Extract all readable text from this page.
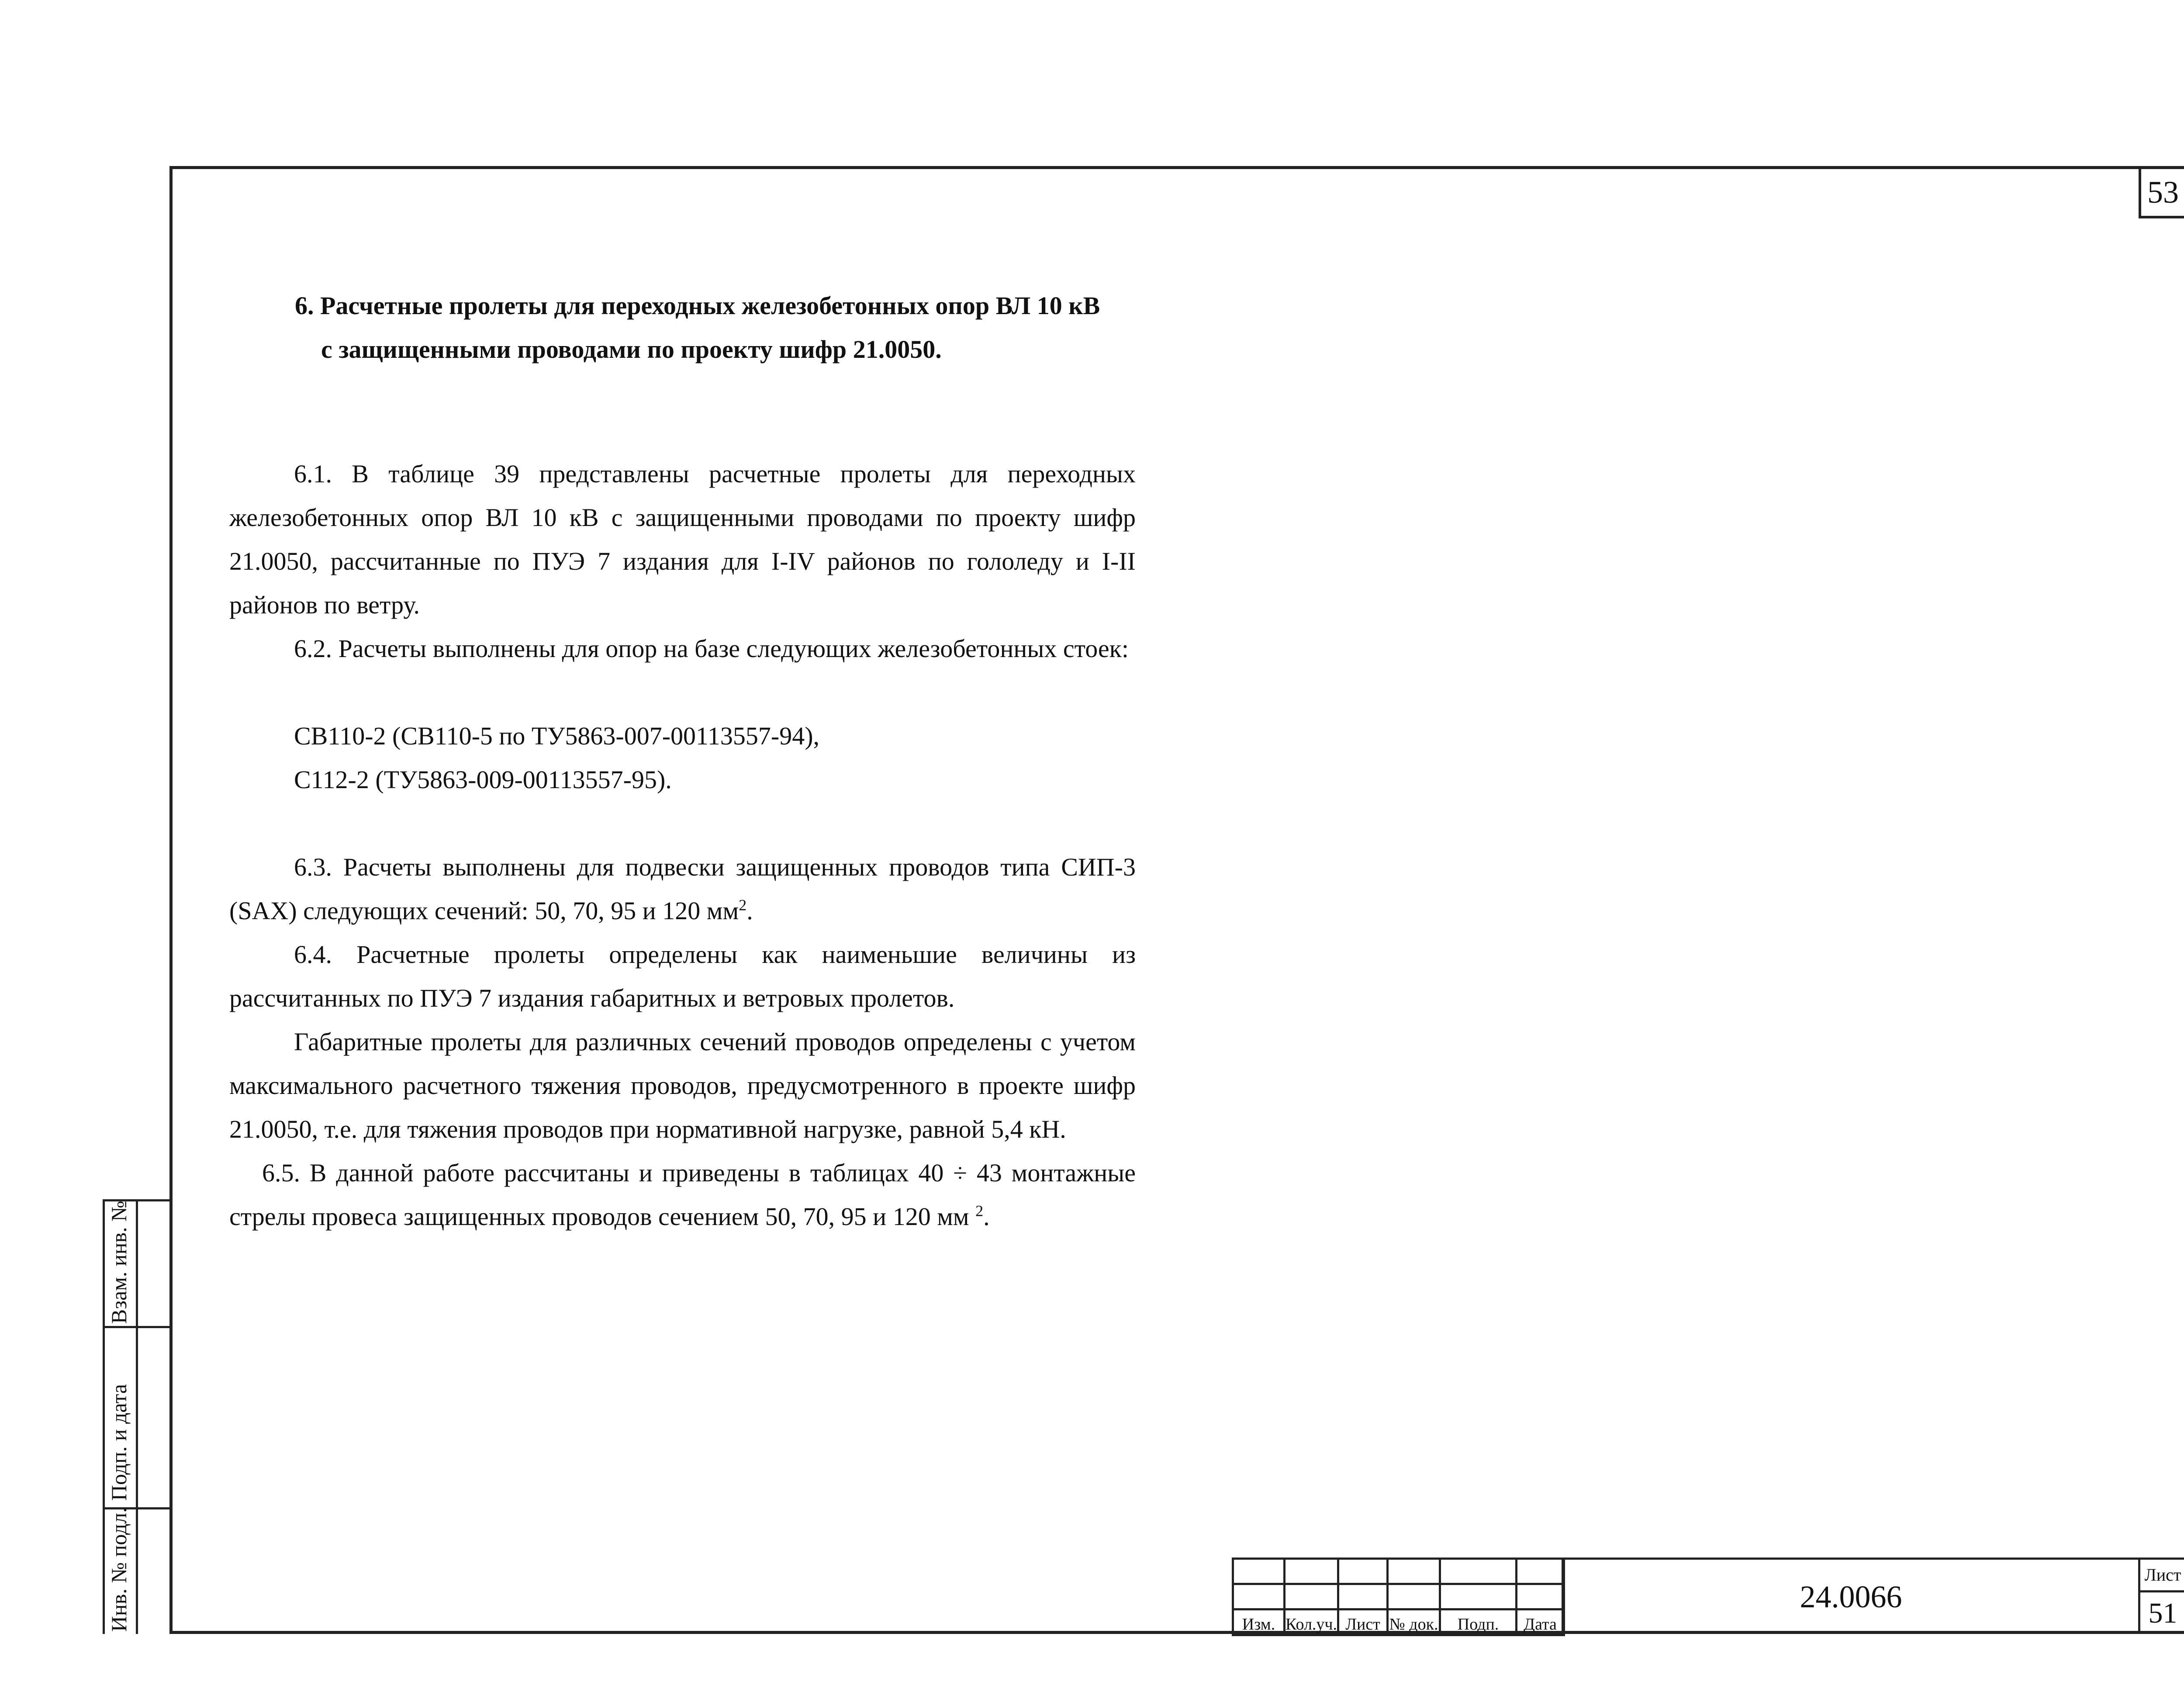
53
Взам. инв. №
Подп. и дата
Инв. № подл.
6. Расчетные пролеты для переходных железобетонных опор ВЛ 10 кВ
с защищенными проводами по проекту шифр 21.0050.

6.1. В таблице 39 представлены расчетные пролеты для переходных железобетонных опор ВЛ 10 кВ с защищенными проводами по проекту шифр 21.0050, рассчитанные по ПУЭ 7 издания для I-IV районов по гололеду и I-II районов по ветру.

6.2. Расчеты выполнены для опор на базе следующих железобетонных стоек:

СВ110-2 (СВ110-5 по ТУ5863-007-00113557-94),
С112-2 (ТУ5863-009-00113557-95).

6.3. Расчеты выполнены для подвески защищенных проводов типа СИП-3 (SAX) следующих сечений: 50, 70, 95 и 120 $мм^2$.

6.4. Расчетные пролеты определены как наименьшие величины из рассчитанных по ПУЭ 7 издания габаритных и ветровых пролетов.

Габаритные пролеты для различных сечений проводов определены с учетом максимального расчетного тяжения проводов, предусмотренного в проекте шифр 21.0050, т.е. для тяжения проводов при нормативной нагрузке, равной 5,4 кН.

6.5. В данной работе рассчитаны и приведены в таблицах 40 ÷ 43 монтажные стрелы провеса защищенных проводов сечением 50, 70, 95 и 120 мм $^2$.

Изм.	Кол.уч.	Лист	№ док.	Подп.	Дата
24.0066
Лист
51
